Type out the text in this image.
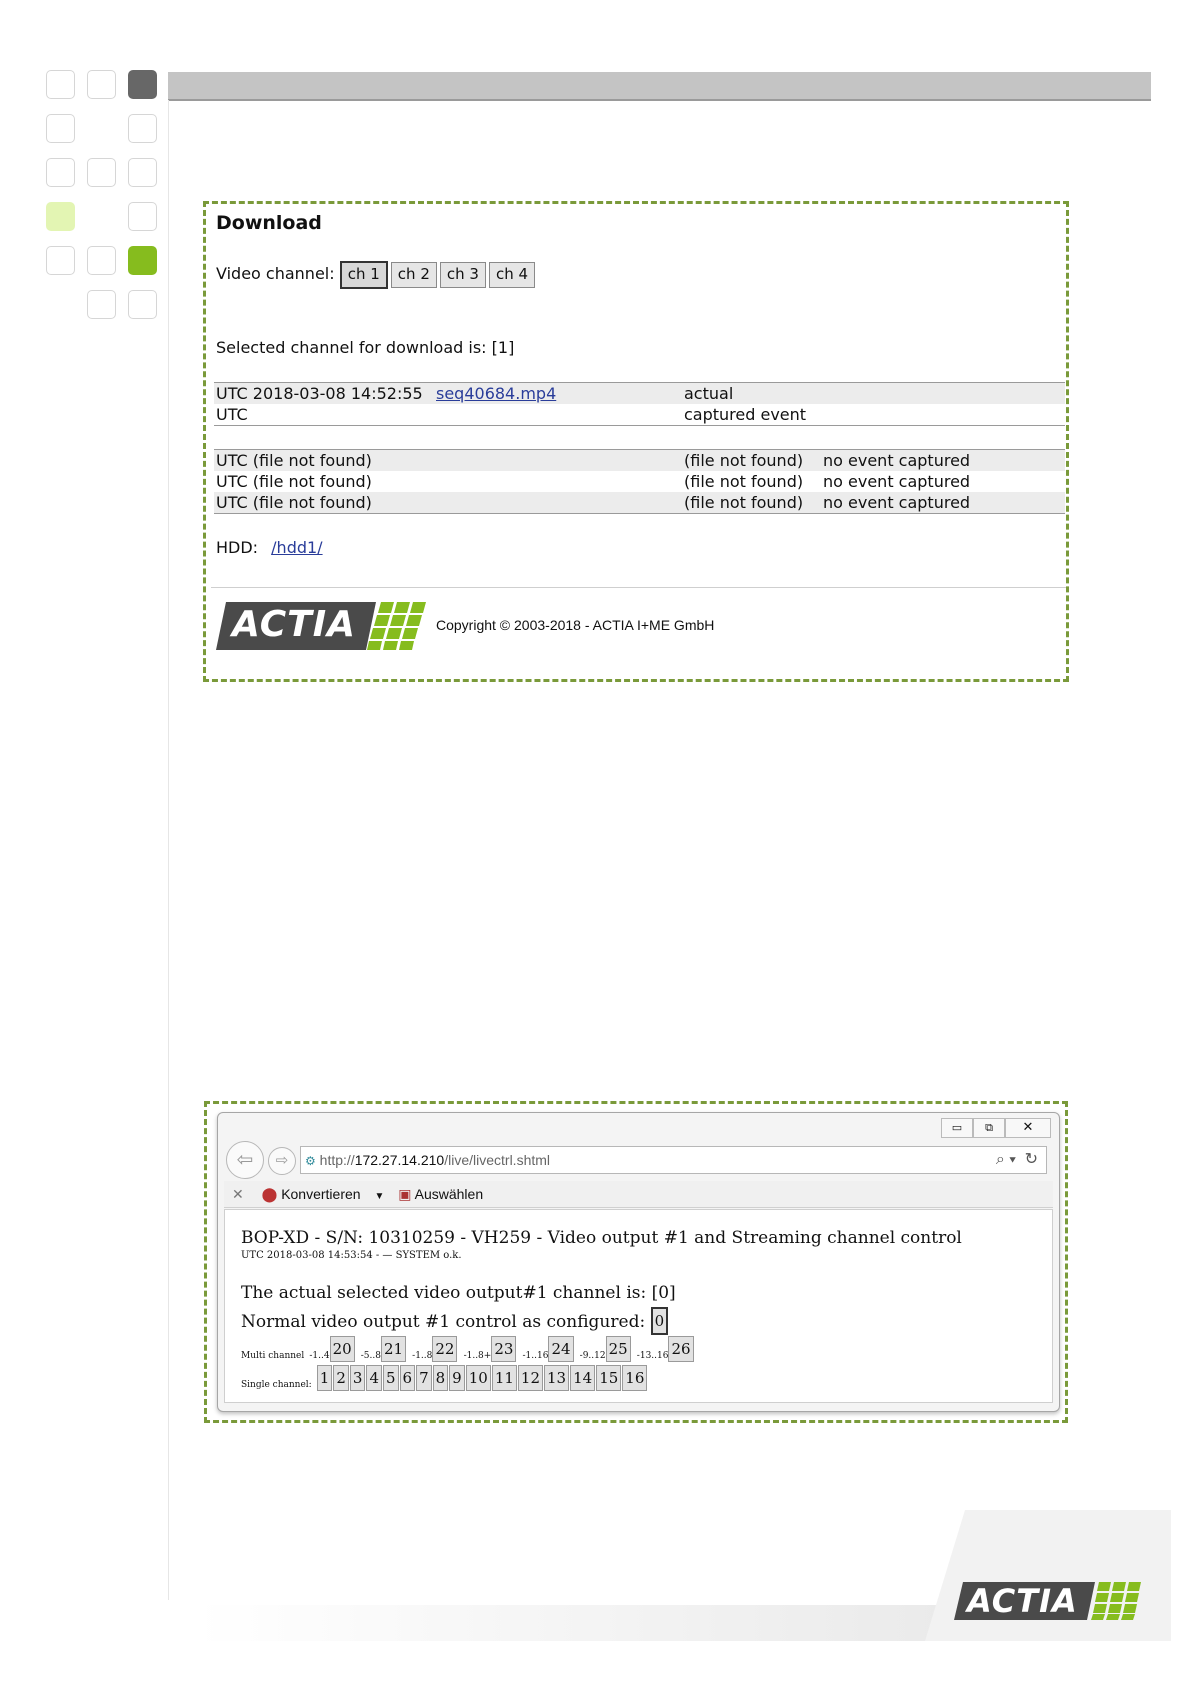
Download
Video channel: ch 1 ch 2 ch 3 ch 4
Selected channel for download is: [1]
UTC 2018-03-08 14:52:55 seq40684.mp4	actual
UTC	captured event
UTC (file not found)	(file not found) no event captured
UTC (file not found)	(file not found) no event captured
UTC (file not found)	(file not found) no event captured
HDD: /hdd1/
ACTIA	Copyright © 2003-2018 - ACTIA I+ME GmbH
▭ ⧉ ✕
⇦	⇨	⚙ http://172.27.14.210/live/livectrl.shtml	⌕ ▾ ↻
✕ ⬤ Konvertieren ▼ ▣ Auswählen
BOP-XD - S/N: 10310259 - VH259 - Video output #1 and Streaming channel control
UTC 2018-03-08 14:53:54 - — SYSTEM o.k.
The actual selected video output#1 channel is: [0]
Normal video output #1 control as configured: 0
Multi channel -1..4 20 -5..8 21 -1..8 22 -1..8+ 23 -1..16 24 -9..12 25 -13..16 26
Single channel: 1 2 3 4 5 6 7 8 9 10 11 12 13 14 15 16
ACTIA
